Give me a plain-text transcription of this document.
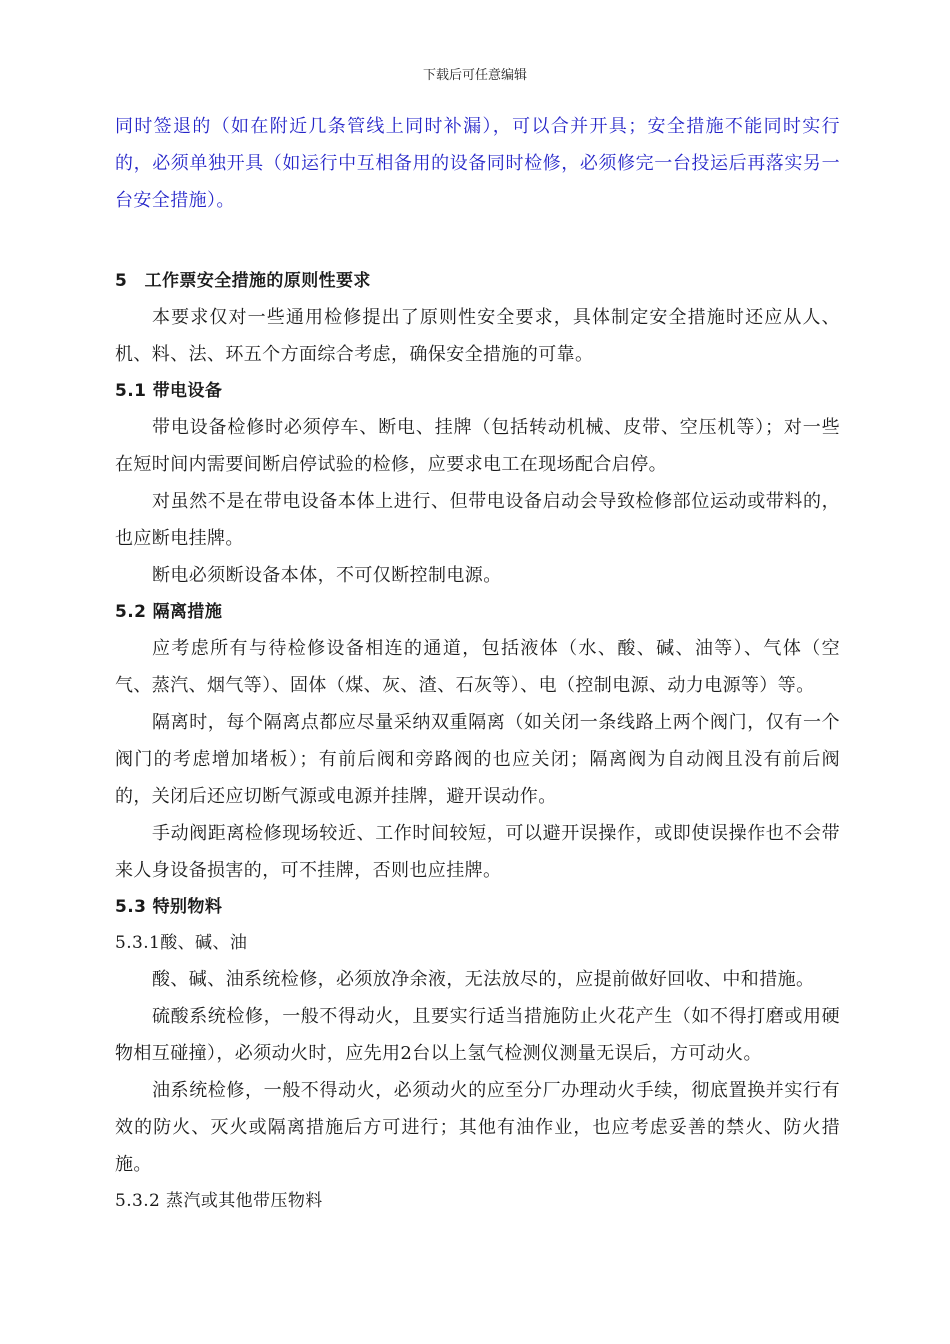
下载后可任意编辑

同时签退的（如在附近几条管线上同时补漏），可以合并开具；安全措施不能同时实行的，必须单独开具（如运行中互相备用的设备同时检修，必须修完一台投运后再落实另一台安全措施）。

5　工作票安全措施的原则性要求

本要求仅对一些通用检修提出了原则性安全要求，具体制定安全措施时还应从人、机、料、法、环五个方面综合考虑，确保安全措施的可靠。

5.1 带电设备

带电设备检修时必须停车、断电、挂牌（包括转动机械、皮带、空压机等）；对一些在短时间内需要间断启停试验的检修，应要求电工在现场配合启停。

对虽然不是在带电设备本体上进行、但带电设备启动会导致检修部位运动或带料的，也应断电挂牌。

断电必须断设备本体，不可仅断控制电源。

5.2 隔离措施

应考虑所有与待检修设备相连的通道，包括液体（水、酸、碱、油等）、气体（空气、蒸汽、烟气等）、固体（煤、灰、渣、石灰等）、电（控制电源、动力电源等）等。

隔离时，每个隔离点都应尽量采纳双重隔离（如关闭一条线路上两个阀门，仅有一个阀门的考虑增加堵板）；有前后阀和旁路阀的也应关闭；隔离阀为自动阀且没有前后阀的，关闭后还应切断气源或电源并挂牌，避开误动作。

手动阀距离检修现场较近、工作时间较短，可以避开误操作，或即使误操作也不会带来人身设备损害的，可不挂牌，否则也应挂牌。

5.3 特别物料
5.3.1酸、碱、油

酸、碱、油系统检修，必须放净余液，无法放尽的，应提前做好回收、中和措施。

硫酸系统检修，一般不得动火，且要实行适当措施防止火花产生（如不得打磨或用硬物相互碰撞），必须动火时，应先用2台以上氢气检测仪测量无误后，方可动火。

油系统检修，一般不得动火，必须动火的应至分厂办理动火手续，彻底置换并实行有效的防火、灭火或隔离措施后方可进行；其他有油作业，也应考虑妥善的禁火、防火措施。

5.3.2 蒸汽或其他带压物料
